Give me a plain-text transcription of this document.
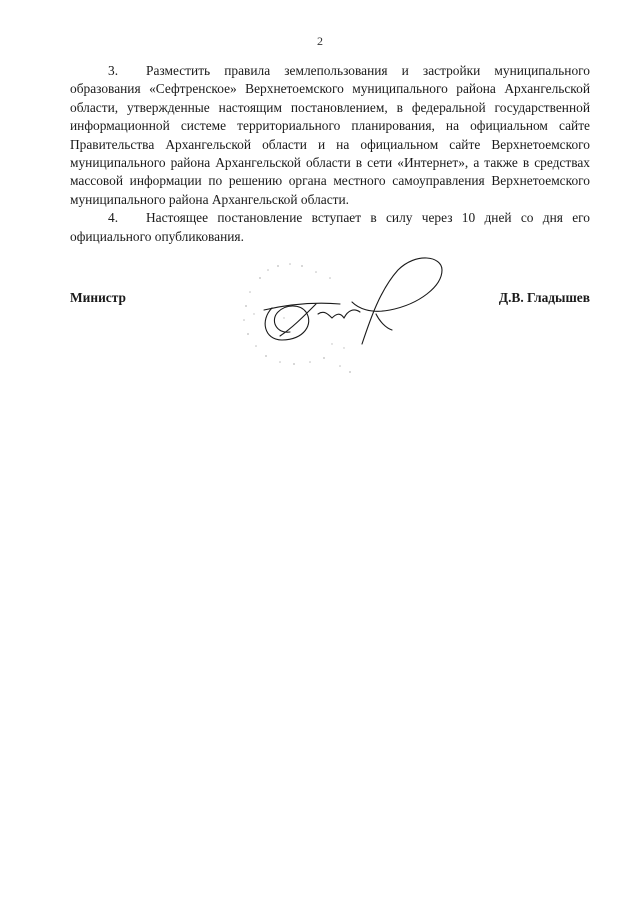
2

3. Разместить правила землепользования и застройки муниципального образования «Сефтренское» Верхнетоемского муниципального района Архангельской области, утвержденные настоящим постановлением, в федеральной государственной информационной системе территориального планирования, на официальном сайте Правительства Архангельской области и на официальном сайте Верхнетоемского муниципального района Архангельской области в сети «Интернет», а также в средствах массовой информации по решению органа местного самоуправления Верхнетоемского муниципального района Архангельской области.

4. Настоящее постановление вступает в силу через 10 дней со дня его официального опубликования.

Министр	Д.В. Гладышев
